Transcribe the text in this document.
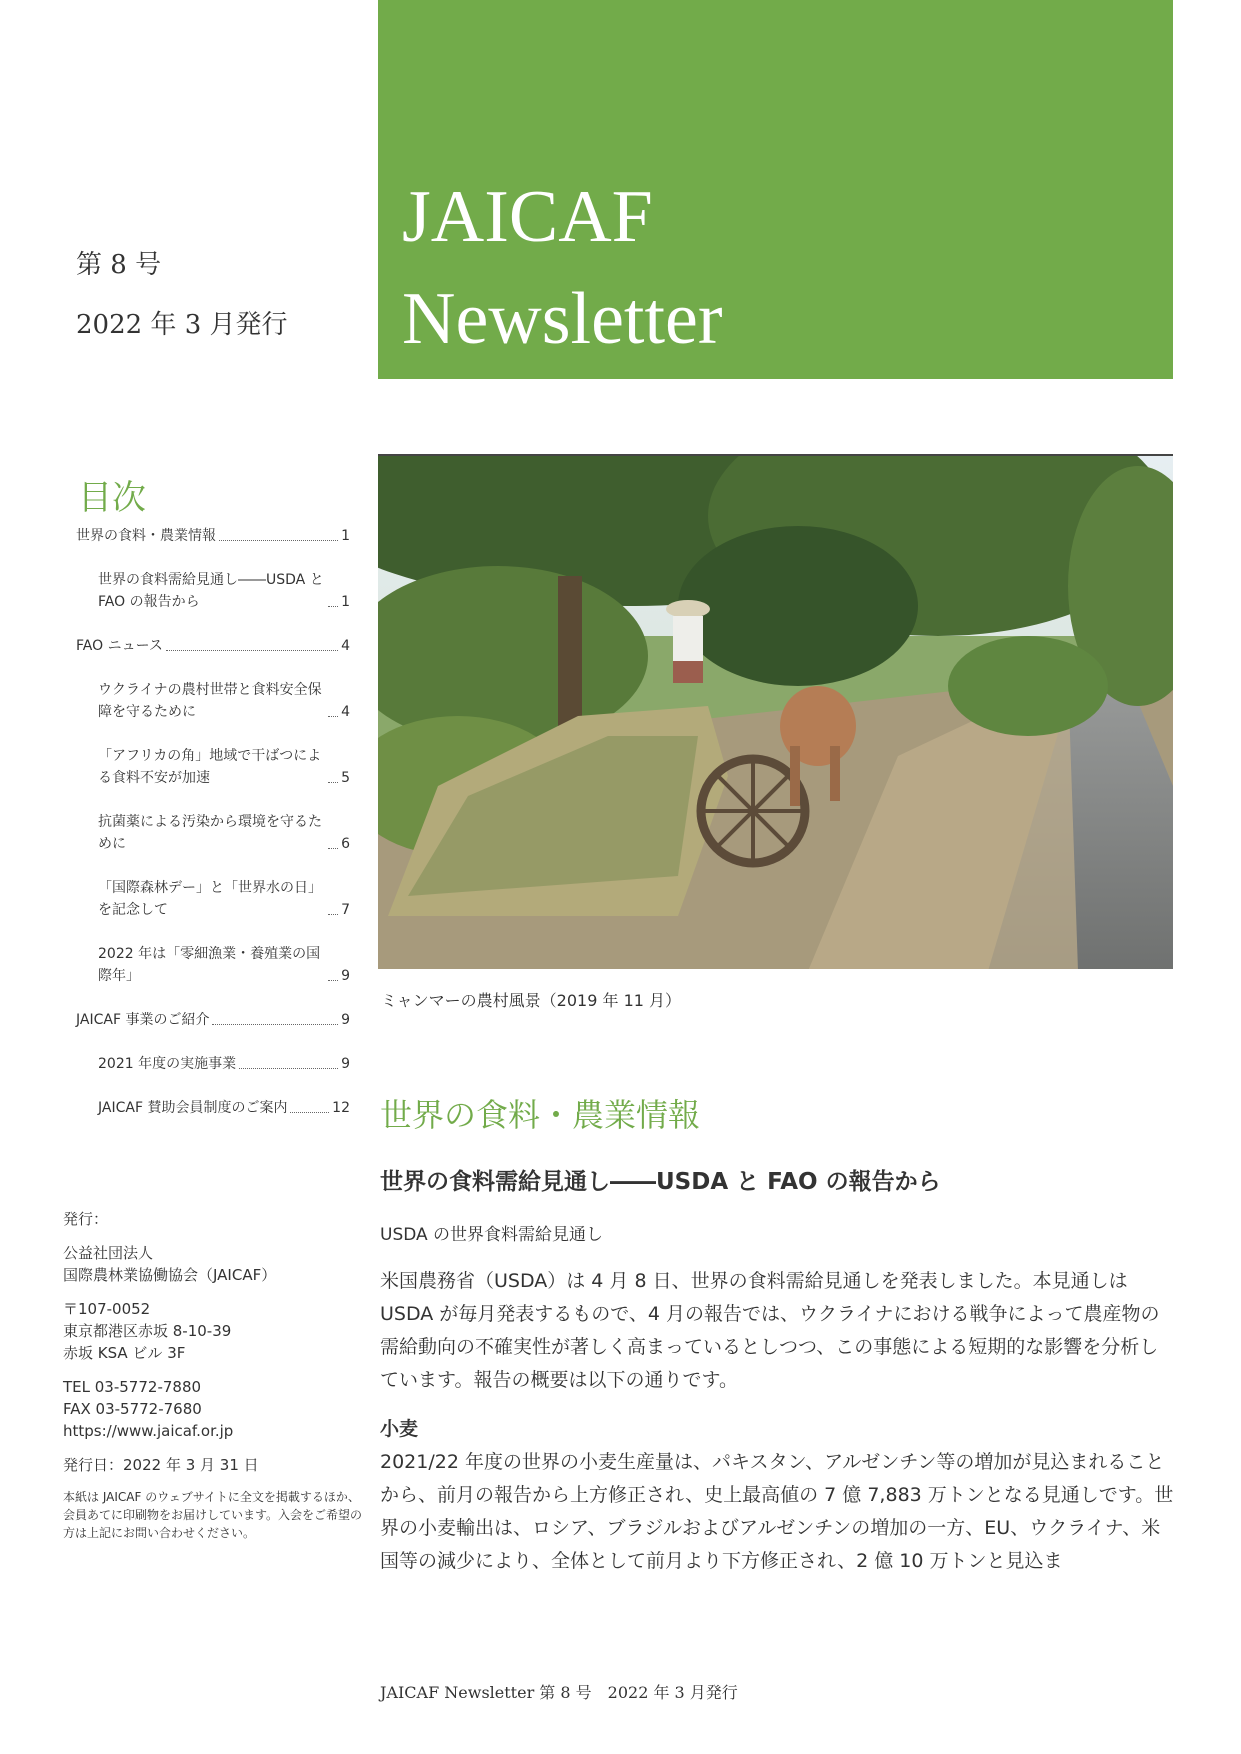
JAICAF
Newsletter
第 8 号
2022 年 3 月発行
ミャンマーの農村風景（2019 年 11 月）
目次
世界の食料・農業情報	1
世界の食料需給見通し――USDA と FAO の報告から	1
FAO ニュース	4
ウクライナの農村世帯と食料安全保障を守るために	4
「アフリカの角」地域で干ばつによる食料不安が加速	5
抗菌薬による汚染から環境を守るために	6
「国際森林デー」と「世界水の日」を記念して	7
2022 年は「零細漁業・養殖業の国際年」	9
JAICAF 事業のご紹介	9
2021 年度の実施事業	9
JAICAF 賛助会員制度のご案内	12

発行：

公益社団法人
国際農林業協働協会（JAICAF）

〒107-0052
東京都港区赤坂 8-10-39
赤坂 KSA ビル 3F

TEL 03-5772-7880
FAX 03-5772-7680
https://www.jaicaf.or.jp

発行日：2022 年 3 月 31 日

本紙は JAICAF のウェブサイトに全文を掲載するほか、会員あてに印刷物をお届けしています。入会をご希望の方は上記にお問い合わせください。

世界の食料・農業情報
世界の食料需給見通し――USDA と FAO の報告から
USDA の世界食料需給見通し
米国農務省（USDA）は 4 月 8 日、世界の食料需給見通しを発表しました。本見通しは USDA が毎月発表するもので、4 月の報告では、ウクライナにおける戦争によって農産物の需給動向の不確実性が著しく高まっているとしつつ、この事態による短期的な影響を分析しています。報告の概要は以下の通りです。
小麦
2021/22 年度の世界の小麦生産量は、パキスタン、アルゼンチン等の増加が見込まれることから、前月の報告から上方修正され、史上最高値の 7 億 7,883 万トンとなる見通しです。世界の小麦輸出は、ロシア、ブラジルおよびアルゼンチンの増加の一方、EU、ウクライナ、米国等の減少により、全体として前月より下方修正され、2 億 10 万トンと見込ま
JAICAF Newsletter 第 8 号　2022 年 3 月発行
